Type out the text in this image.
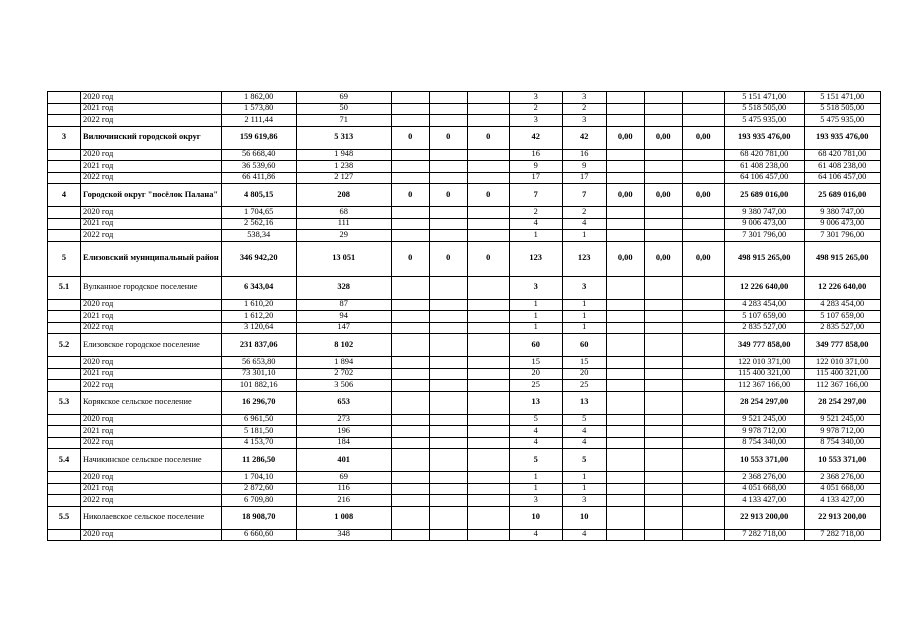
	2020 год	1 862,00	69				3	3				5 151 471,00	5 151 471,00
	2021 год	1 573,80	50				2	2				5 518 505,00	5 518 505,00
	2022 год	2 111,44	71				3	3				5 475 935,00	5 475 935,00
3	Вилючинский городской округ	159 619,86	5 313	0	0	0	42	42	0,00	0,00	0,00	193 935 476,00	193 935 476,00
	2020 год	56 668,40	1 948				16	16				68 420 781,00	68 420 781,00
	2021 год	36 539,60	1 238				9	9				61 408 238,00	61 408 238,00
	2022 год	66 411,86	2 127				17	17				64 106 457,00	64 106 457,00
4	Городской округ "посёлок Палана"	4 805,15	208	0	0	0	7	7	0,00	0,00	0,00	25 689 016,00	25 689 016,00
	2020 год	1 704,65	68				2	2				9 380 747,00	9 380 747,00
	2021 год	2 562,16	111				4	4				9 006 473,00	9 006 473,00
	2022 год	538,34	29				1	1				7 301 796,00	7 301 796,00
5	Елизовский муниципальный район	346 942,20	13 051	0	0	0	123	123	0,00	0,00	0,00	498 915 265,00	498 915 265,00
5.1	Вулканное городское поселение	6 343,04	328				3	3				12 226 640,00	12 226 640,00
	2020 год	1 610,20	87				1	1				4 283 454,00	4 283 454,00
	2021 год	1 612,20	94				1	1				5 107 659,00	5 107 659,00
	2022 год	3 120,64	147				1	1				2 835 527,00	2 835 527,00
5.2	Елизовское городское поселение	231 837,06	8 102				60	60				349 777 858,00	349 777 858,00
	2020 год	56 653,80	1 894				15	15				122 010 371,00	122 010 371,00
	2021 год	73 301,10	2 702				20	20				115 400 321,00	115 400 321,00
	2022 год	101 882,16	3 506				25	25				112 367 166,00	112 367 166,00
5.3	Корякское сельское поселение	16 296,70	653				13	13				28 254 297,00	28 254 297,00
	2020 год	6 961,50	273				5	5				9 521 245,00	9 521 245,00
	2021 год	5 181,50	196				4	4				9 978 712,00	9 978 712,00
	2022 год	4 153,70	184				4	4				8 754 340,00	8 754 340,00
5.4	Начикинское сельское поселение	11 286,50	401				5	5				10 553 371,00	10 553 371,00
	2020 год	1 704,10	69				1	1				2 368 276,00	2 368 276,00
	2021 год	2 872,60	116				1	1				4 051 668,00	4 051 668,00
	2022 год	6 709,80	216				3	3				4 133 427,00	4 133 427,00
5.5	Николаевское сельское поселение	18 908,70	1 008				10	10				22 913 200,00	22 913 200,00
	2020 год	6 660,60	348				4	4				7 282 718,00	7 282 718,00
